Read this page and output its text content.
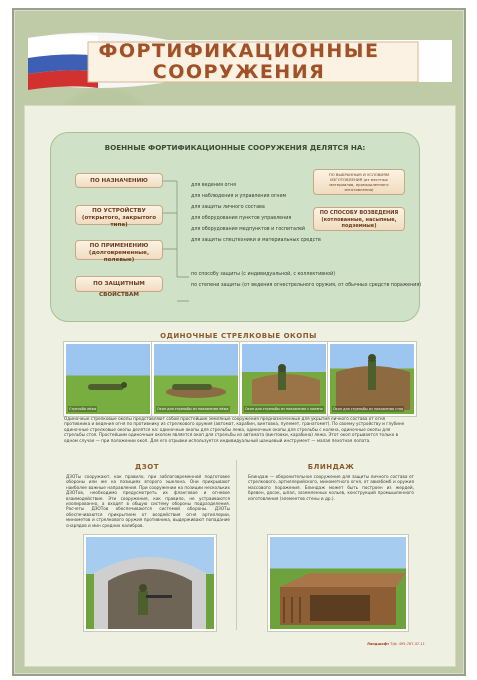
ФОРТИФИКАЦИОННЫЕ
СООРУЖЕНИЯ
ВОЕННЫЕ ФОРТИФИКАЦИОННЫЕ СООРУЖЕНИЯ ДЕЛЯТСЯ НА:
ПО НАЗНАЧЕНИЮ
ПО УСТРОЙСТВУ (открытого, закрытого типа)
ПО ПРИМЕНЕНИЮ (долговременные, полевые)
ПО ЗАЩИТНЫМ СВОЙСТВАМ
для ведения огня
для наблюдения и управления огнем
для защиты личного состава
для оборудования пунктов управления
для оборудования медпунктов и госпиталей
для защиты спецтехники и материальных средств
по способу защиты (с индивидуальной, с коллективной)
по степени защиты (от ведения огнестрельного оружия, от обычных средств поражения)
ПО ВЫБРАННЫМ И УСЛОВИЯМ ИЗГОТОВЛЕНИЯ (из местных материалов, промышленного изготовления)
ПО СПОСОБУ ВОЗВЕДЕНИЯ (котлованные, насыпные, подземные)
ОДИНОЧНЫЕ СТРЕЛКОВЫЕ ОКОПЫ
Стрельба лёжа	Окоп для стрельбы из положения лёжа	Окоп для стрельбы из положения с колена	Окоп для стрельбы из положения стоя
Одиночные стрелковые окопы представляют собой простейшие земляные сооружения предназначенные для укрытия личного состава от огня противника и ведения огня по противнику из стрелкового оружия (автомат, карабин, винтовка, пулемет, гранатомет). По своему устройству и глубине одиночные стрелковые окопы делятся на: одиночные окопы для стрельбы лежа, одиночные окопы для стрельбы с колена, одиночные окопы для стрельбы стоя. Простейшим одиночным окопом является окоп для стрельбы из автомата (винтовки, карабина) лежа. Этот окоп отрывается только в одном случае — при положении окоп. Для его отрывки используется индивидуальный шанцевый инструмент — малая пехотная лопата.
ДЗОТ
ДЗОТы сооружают, как правило, при заблаговременной подготовке обороны или же на позициях второго эшелона. Они прикрывают наиболее важные направления. При сооружении на позиции нескольких ДЗОТов, необходимо предусмотреть их фланговое и огневое взаимодействие. Эти сооружения, как правило, не устраиваются изолированно, а входят в общую систему обороны подразделения. Расчеты ДЗОТов обеспечиваются системой обороны. ДЗОТы обеспечиваются прикрытием от воздействия огня артиллерии, минометов и стрелкового оружия противника, выдерживают попадание снарядов и мин средних калибров.
БЛИНДАЖ
Блиндаж — оборонительное сооружение для защиты личного состава от стрелкового, артиллерийского, минометного огня, от авиабомб и оружия массового поражения. Блиндаж может быть построен из жердей, бревен, досок, шпал, заземленных кольев, конструкций промышленного изготовления (элементов стены и др.).
Ландшафт Т/ф: 495-787-47-11
